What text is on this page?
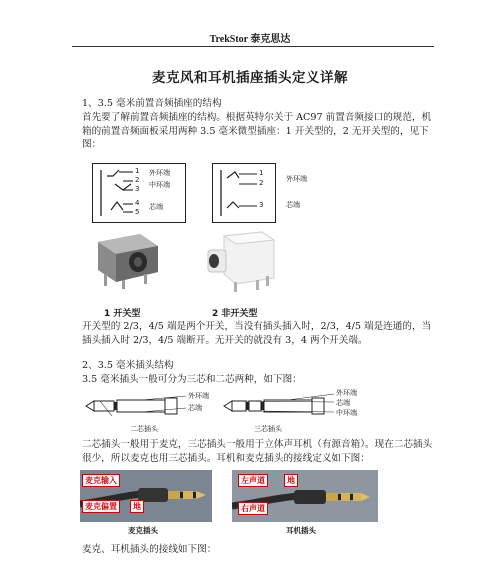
TrekStor 泰克思达
麦克风和耳机插座插头定义详解
1、3.5 毫米前置音频插座的结构
首先要了解前置音频插座的结构。根据英特尔关于 AC97 前置音频接口的规范，机箱的前置音频面板采用两种 3.5 毫米微型插座：1 开关型的，2 无开关型的，见下图：
1
2
3
4
5
外环端
中环端
芯端
1
2
3
外环端
芯端
1 开关型	2 非开关型
开关型的 2/3，4/5 端是两个开关，当没有插头插入时，2/3，4/5 端是连通的，当插头插入时 2/3，4/5 端断开。无开关的就没有 3，4 两个开关端。
2、3.5 毫米插头结构
3.5 毫米插头一般可分为三芯和二芯两种，如下图：
外环端
芯端
二芯插头
外环端
芯端
中环端
三芯插头
二芯插头一般用于麦克，三芯插头一般用于立体声耳机（有源音箱）。现在二芯插头很少，所以麦克也用三芯插头。耳机和麦克插头的接线定义如下图：
麦克输入
麦克偏置	地
麦克插头
左声道	地
右声道
耳机插头
麦克、耳机插头的接线如下图：
